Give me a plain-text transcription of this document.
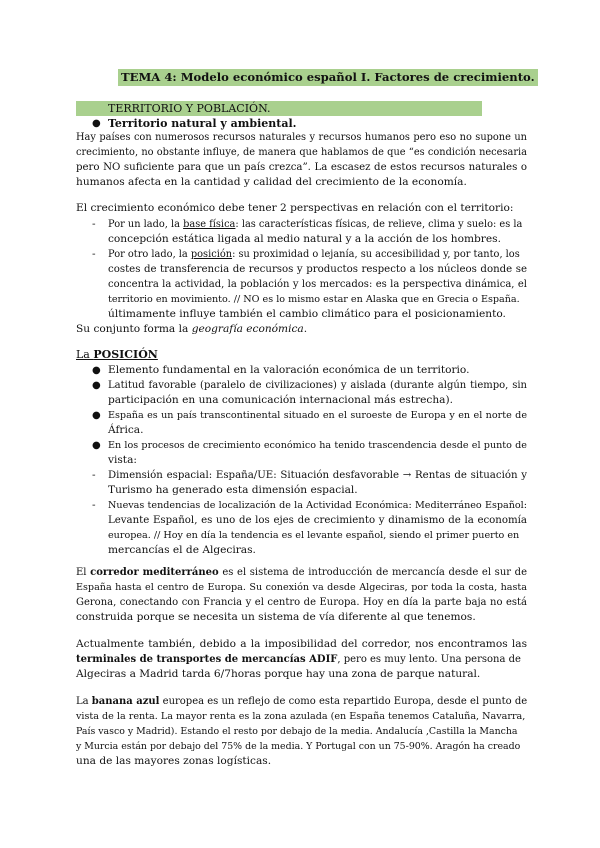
TEMA 4: Modelo económico español I. Factores de crecimiento.
TERRITORIO Y POBLACIÓN.
● Territorio natural y ambiental.
Hay países con numerosos recursos naturales y recursos humanos pero eso no supone un
crecimiento, no obstante influye, de manera que hablamos de que “es condición necesaria
pero NO suficiente para que un país crezca”. La escasez de estos recursos naturales o
humanos afecta en la cantidad y calidad del crecimiento de la economía.
El crecimiento económico debe tener 2 perspectivas en relación con el territorio:
- Por un lado, la base física: las características físicas, de relieve, clima y suelo: es la
concepción estática ligada al medio natural y a la acción de los hombres.
- Por otro lado, la posición: su proximidad o lejanía, su accesibilidad y, por tanto, los
costes de transferencia de recursos y productos respecto a los núcleos donde se
concentra la actividad, la población y los mercados: es la perspectiva dinámica, el
territorio en movimiento. // NO es lo mismo estar en Alaska que en Grecia o España.
últimamente influye también el cambio climático para el posicionamiento.
Su conjunto forma la geografía económica.
La POSICIÓN
● Elemento fundamental en la valoración económica de un territorio.
● Latitud favorable (paralelo de civilizaciones) y aislada (durante algún tiempo, sin
participación en una comunicación internacional más estrecha).
● España es un país transcontinental situado en el suroeste de Europa y en el norte de
África.
● En los procesos de crecimiento económico ha tenido trascendencia desde el punto de
vista:
- Dimensión espacial: España/UE: Situación desfavorable → Rentas de situación y
Turismo ha generado esta dimensión espacial.
- Nuevas tendencias de localización de la Actividad Económica: Mediterráneo Español:
Levante Español, es uno de los ejes de crecimiento y dinamismo de la economía
europea. // Hoy en día la tendencia es el levante español, siendo el primer puerto en
mercancías el de Algeciras.
El corredor mediterráneo es el sistema de introducción de mercancía desde el sur de
España hasta el centro de Europa. Su conexión va desde Algeciras, por toda la costa, hasta
Gerona, conectando con Francia y el centro de Europa. Hoy en día la parte baja no está
construida porque se necesita un sistema de vía diferente al que tenemos.
Actualmente también, debido a la imposibilidad del corredor, nos encontramos las
terminales de transportes de mercancías ADIF, pero es muy lento. Una persona de
Algeciras a Madrid tarda 6/7horas porque hay una zona de parque natural.
La banana azul europea es un reflejo de como esta repartido Europa, desde el punto de
vista de la renta. La mayor renta es la zona azulada (en España tenemos Cataluña, Navarra,
País vasco y Madrid). Estando el resto por debajo de la media. Andalucía ,Castilla la Mancha
y Murcia están por debajo del 75% de la media. Y Portugal con un 75-90%. Aragón ha creado
una de las mayores zonas logísticas.
